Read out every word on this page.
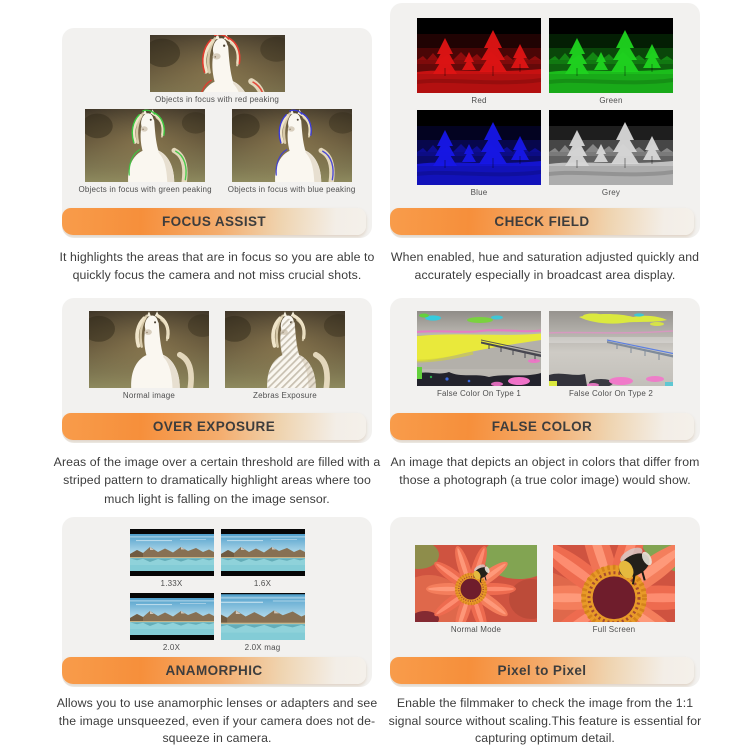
Objects in focus with red peaking
Objects in focus with green peaking Objects in focus with blue peaking
FOCUS ASSIST

It highlights the areas that are in focus so you are able to quickly focus the camera and not miss crucial shots.

Red	Green
Blue	Grey
CHECK FIELD

When enabled, hue and saturation adjusted quickly and accurately especially in broadcast area display.

Normal image	Zebras Exposure
OVER EXPOSURE

Areas of the image over a certain threshold are filled with a striped pattern to dramatically highlight areas where too much light is falling on the image sensor.

False Color On Type 1	False Color On Type 2
FALSE COLOR

An image that depicts an object in colors that differ from those a photograph (a true color image) would show.

1.33X	1.6X
2.0X	2.0X mag
ANAMORPHIC

Allows you to use anamorphic lenses or adapters and see the image unsqueezed, even if your camera does not de-squeeze in camera.

Normal Mode	Full Screen
Pixel to Pixel

Enable the filmmaker to check the image from the 1:1 signal source without scaling.This feature is essential for capturing optimum detail.
